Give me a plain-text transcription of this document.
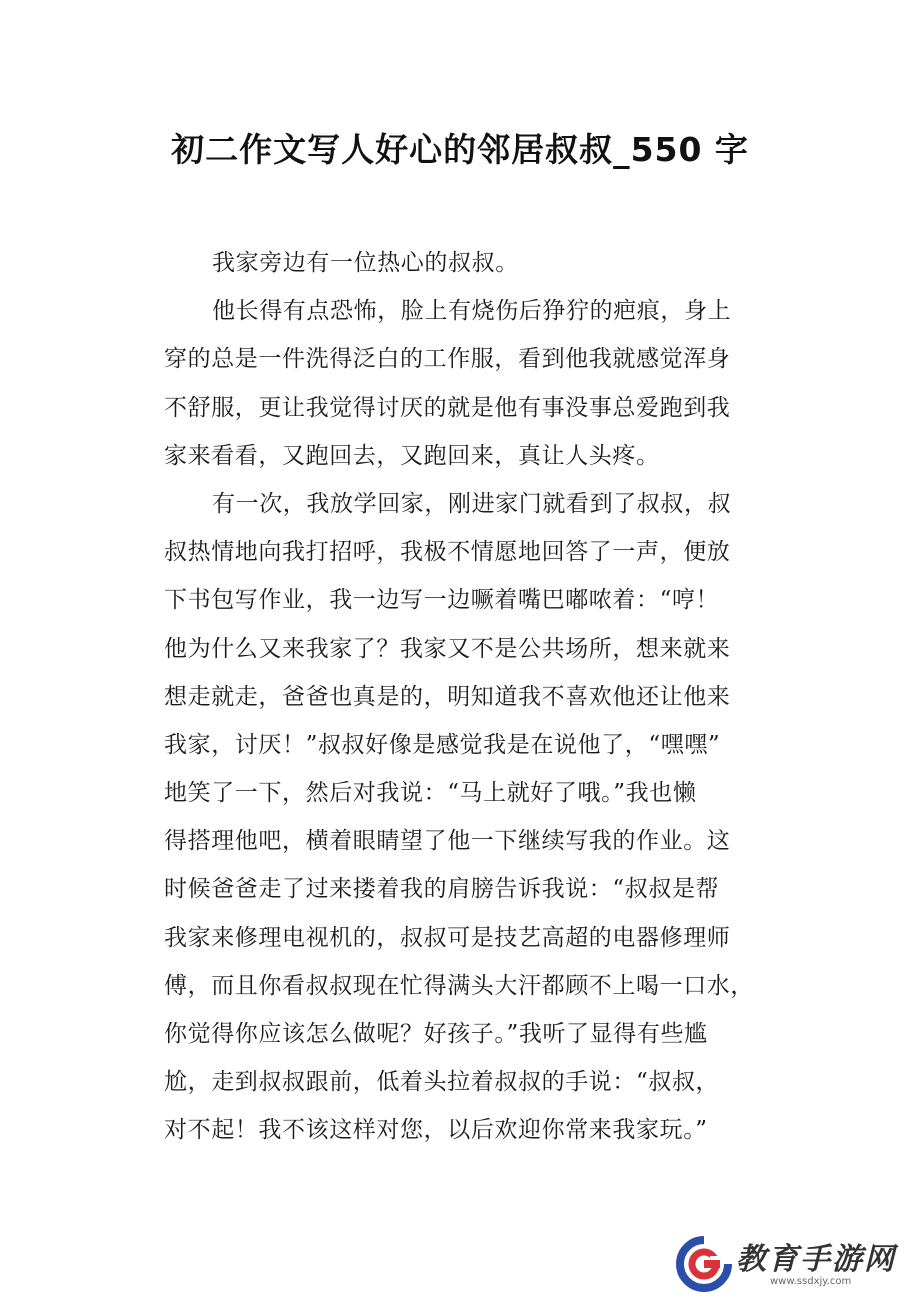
初二作文写人好心的邻居叔叔_550 字
我家旁边有一位热心的叔叔。
他长得有点恐怖，脸上有烧伤后狰狞的疤痕，身上
穿的总是一件洗得泛白的工作服，看到他我就感觉浑身
不舒服，更让我觉得讨厌的就是他有事没事总爱跑到我
家来看看，又跑回去，又跑回来，真让人头疼。
有一次，我放学回家，刚进家门就看到了叔叔，叔
叔热情地向我打招呼，我极不情愿地回答了一声，便放
下书包写作业，我一边写一边噘着嘴巴嘟哝着：“哼！
他为什么又来我家了？我家又不是公共场所，想来就来
想走就走，爸爸也真是的，明知道我不喜欢他还让他来
我家，讨厌！”叔叔好像是感觉我是在说他了，“嘿嘿”
地笑了一下，然后对我说：“马上就好了哦。”我也懒
得搭理他吧，横着眼睛望了他一下继续写我的作业。这
时候爸爸走了过来搂着我的肩膀告诉我说：“叔叔是帮
我家来修理电视机的，叔叔可是技艺高超的电器修理师
傅，而且你看叔叔现在忙得满头大汗都顾不上喝一口水，
你觉得你应该怎么做呢？好孩子。”我听了显得有些尴
尬，走到叔叔跟前，低着头拉着叔叔的手说：“叔叔，
对不起！我不该这样对您，以后欢迎你常来我家玩。”
教育手游网
www.ssdxjy.com
